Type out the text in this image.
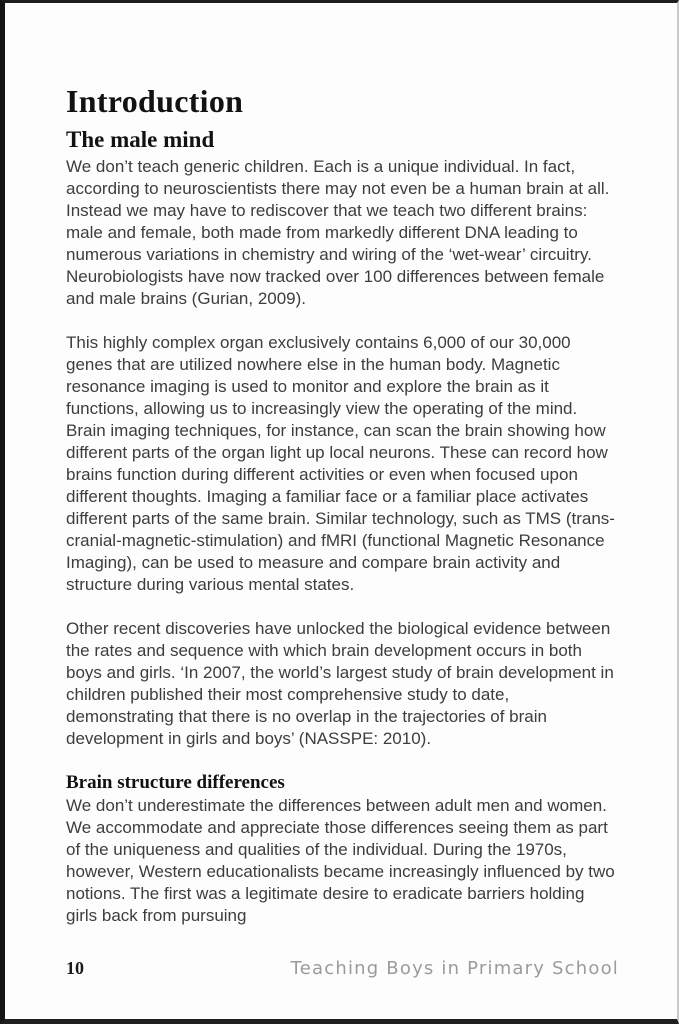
Introduction
The male mind

We don’t teach generic children. Each is a unique individual. In fact, according to neuroscientists there may not even be a human brain at all. Instead we may have to rediscover that we teach two different brains: male and female, both made from markedly different DNA leading to numerous variations in chemistry and wiring of the ‘wet-wear’ circuitry. Neurobiologists have now tracked over 100 differences between female and male brains (Gurian, 2009).

This highly complex organ exclusively contains 6,000 of our 30,000 genes that are utilized nowhere else in the human body. Magnetic resonance imaging is used to monitor and explore the brain as it functions, allowing us to increasingly view the operating of the mind. Brain imaging techniques, for instance, can scan the brain showing how different parts of the organ light up local neurons. These can record how brains function during different activities or even when focused upon different thoughts. Imaging a familiar face or a familiar place activates different parts of the same brain. Similar technology, such as TMS (trans-cranial-magnetic-stimulation) and fMRI (functional Magnetic Resonance Imaging), can be used to measure and compare brain activity and structure during various mental states.

Other recent discoveries have unlocked the biological evidence between the rates and sequence with which brain development occurs in both boys and girls. ‘In 2007, the world’s largest study of brain development in children published their most comprehensive study to date, demonstrating that there is no overlap in the trajectories of brain development in girls and boys’ (NASSPE: 2010).

Brain structure differences

We don’t underestimate the differences between adult men and women. We accommodate and appreciate those differences seeing them as part of the uniqueness and qualities of the individual. During the 1970s, however, Western educationalists became increasingly influenced by two notions. The first was a legitimate desire to eradicate barriers holding girls back from pursuing

10	Teaching Boys in Primary School
